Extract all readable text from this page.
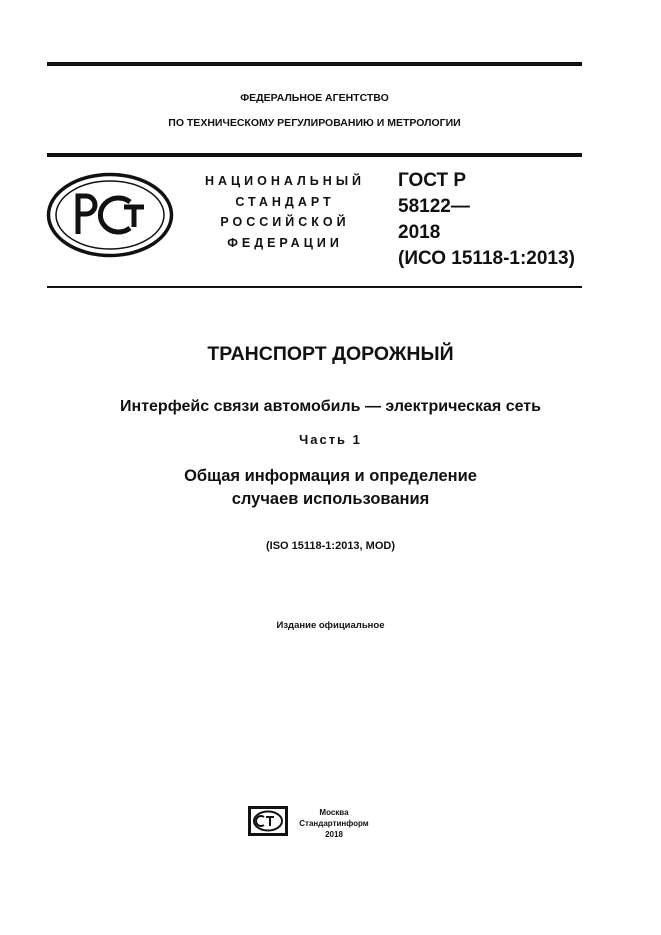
ФЕДЕРАЛЬНОЕ АГЕНТСТВО
ПО ТЕХНИЧЕСКОМУ РЕГУЛИРОВАНИЮ И МЕТРОЛОГИИ
НАЦИОНАЛЬНЫЙ
СТАНДАРТ
РОССИЙСКОЙ
ФЕДЕРАЦИИ
ГОСТ Р
58122—
2018
(ИСО 15118-1:2013)
ТРАНСПОРТ ДОРОЖНЫЙ
Интерфейс связи автомобиль — электрическая сеть
Часть 1
Общая информация и определение
случаев использования
(ISO 15118-1:2013, MOD)
Издание официальное
Москва
Стандартинформ
2018
